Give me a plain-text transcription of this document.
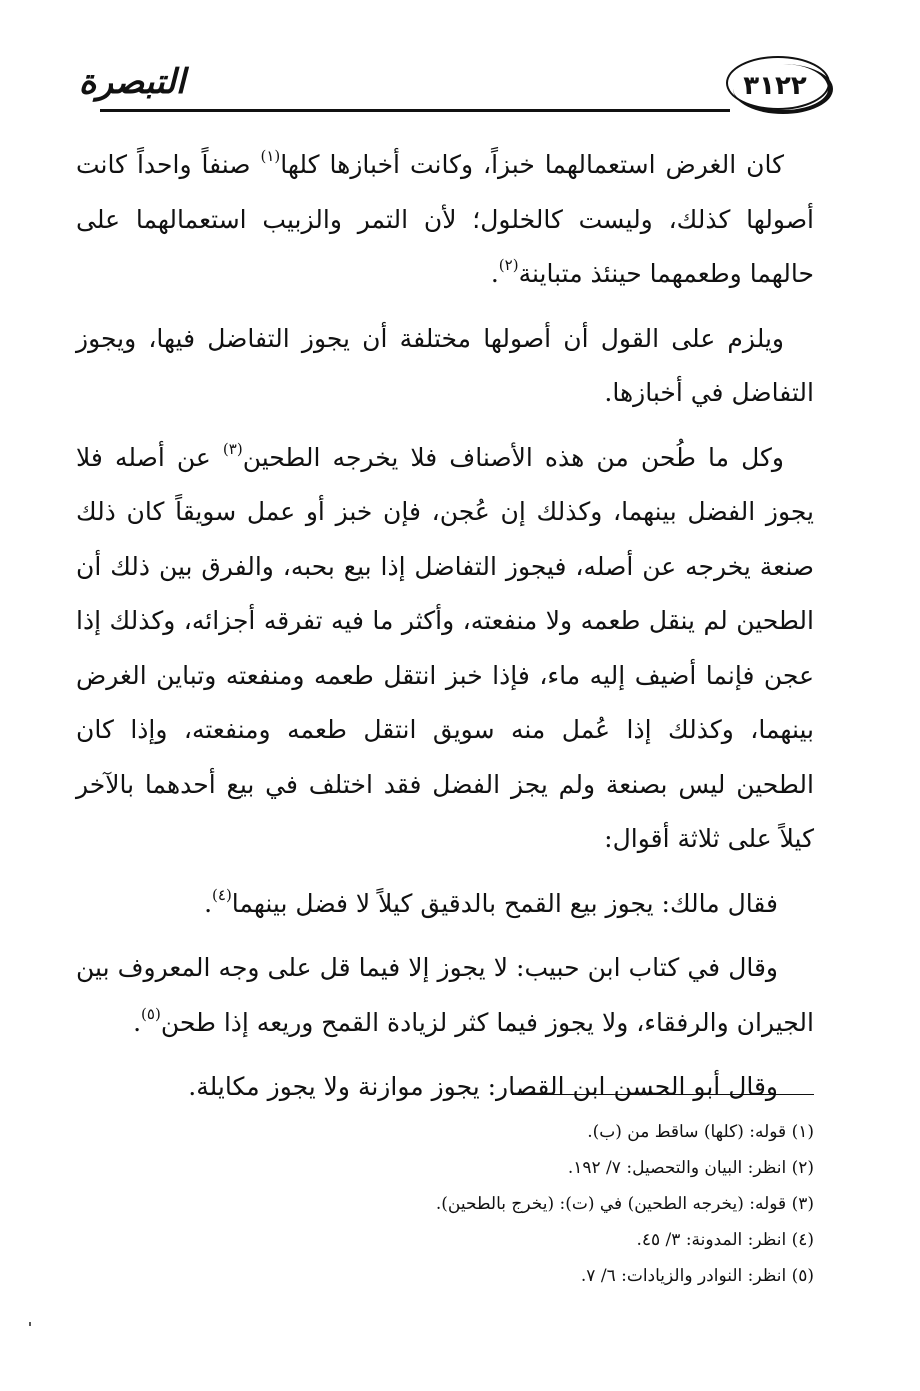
التبصرة	٣١٢٢

كان الغرض استعمالهما خبزاً، وكانت أخبازها كلها$^{(١)}$ صنفاً واحداً كانت أصولها كذلك، وليست كالخلول؛ لأن التمر والزبيب استعمالهما على حالهما وطعمهما حينئذ متباينة$^{(٢)}$.

ويلزم على القول أن أصولها مختلفة أن يجوز التفاضل فيها، ويجوز التفاضل في أخبازها.

وكل ما طُحن من هذه الأصناف فلا يخرجه الطحين$^{(٣)}$ عن أصله فلا يجوز الفضل بينهما، وكذلك إن عُجن، فإن خبز أو عمل سويقاً كان ذلك صنعة يخرجه عن أصله، فيجوز التفاضل إذا بيع بحبه، والفرق بين ذلك أن الطحين لم ينقل طعمه ولا منفعته، وأكثر ما فيه تفرقه أجزائه، وكذلك إذا عجن فإنما أضيف إليه ماء، فإذا خبز انتقل طعمه ومنفعته وتباين الغرض بينهما، وكذلك إذا عُمل منه سويق انتقل طعمه ومنفعته، وإذا كان الطحين ليس بصنعة ولم يجز الفضل فقد اختلف في بيع أحدهما بالآخر كيلاً على ثلاثة أقوال:

فقال مالك: يجوز بيع القمح بالدقيق كيلاً لا فضل بينهما$^{(٤)}$.

وقال في كتاب ابن حبيب: لا يجوز إلا فيما قل على وجه المعروف بين الجيران والرفقاء، ولا يجوز فيما كثر لزيادة القمح وريعه إذا طحن$^{(٥)}$.

وقال أبو الحسن ابن القصار: يجوز موازنة ولا يجوز مكايلة.

(١) قوله: (كلها) ساقط من (ب).

(٢) انظر: البيان والتحصيل: ٧/ ١٩٢.

(٣) قوله: (يخرجه الطحين) في (ت): (يخرج بالطحين).

(٤) انظر: المدونة: ٣/ ٤٥.

(٥) انظر: النوادر والزيادات: ٦/ ٧.
